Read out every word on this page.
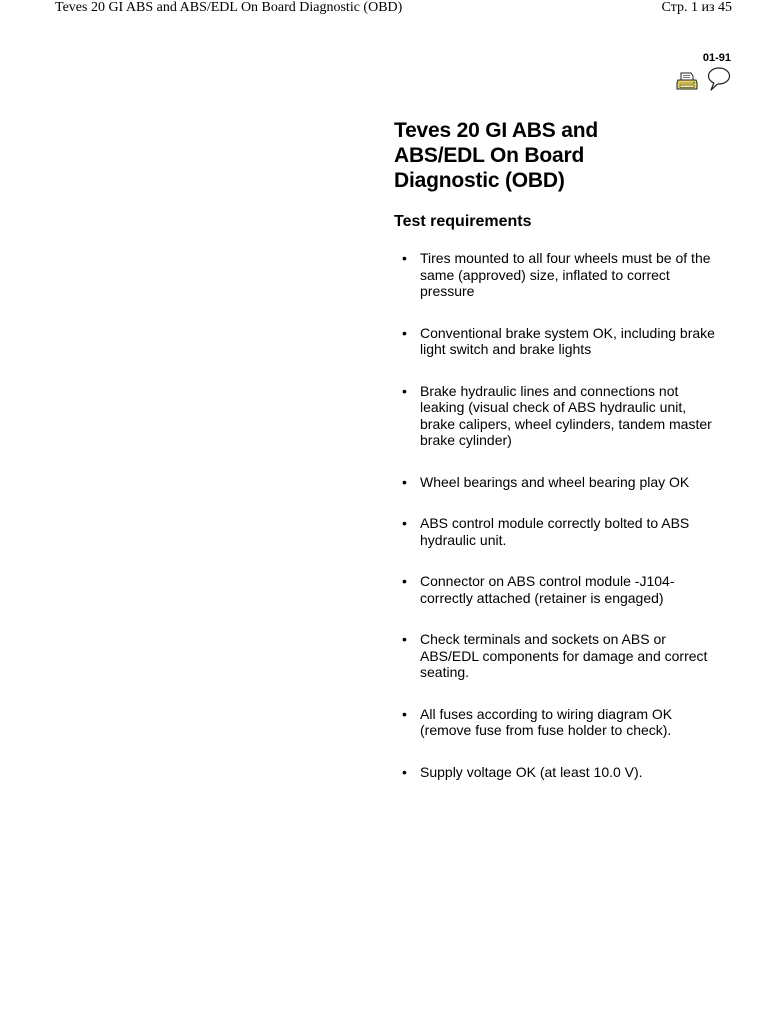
Teves 20 GI ABS and ABS/EDL On Board Diagnostic (OBD)	Стр. 1 из 45
01-91
Teves 20 GI ABS and
ABS/EDL On Board
Diagnostic (OBD)
Test requirements
• Tires mounted to all four wheels must be of the same (approved) size, inflated to correct pressure
• Conventional brake system OK, including brake light switch and brake lights
• Brake hydraulic lines and connections not leaking (visual check of ABS hydraulic unit, brake calipers, wheel cylinders, tandem master brake cylinder)
• Wheel bearings and wheel bearing play OK
• ABS control module correctly bolted to ABS hydraulic unit.
• Connector on ABS control module -J104- correctly attached (retainer is engaged)
• Check terminals and sockets on ABS or ABS/EDL components for damage and correct seating.
• All fuses according to wiring diagram OK (remove fuse from fuse holder to check).
• Supply voltage OK (at least 10.0 V).
